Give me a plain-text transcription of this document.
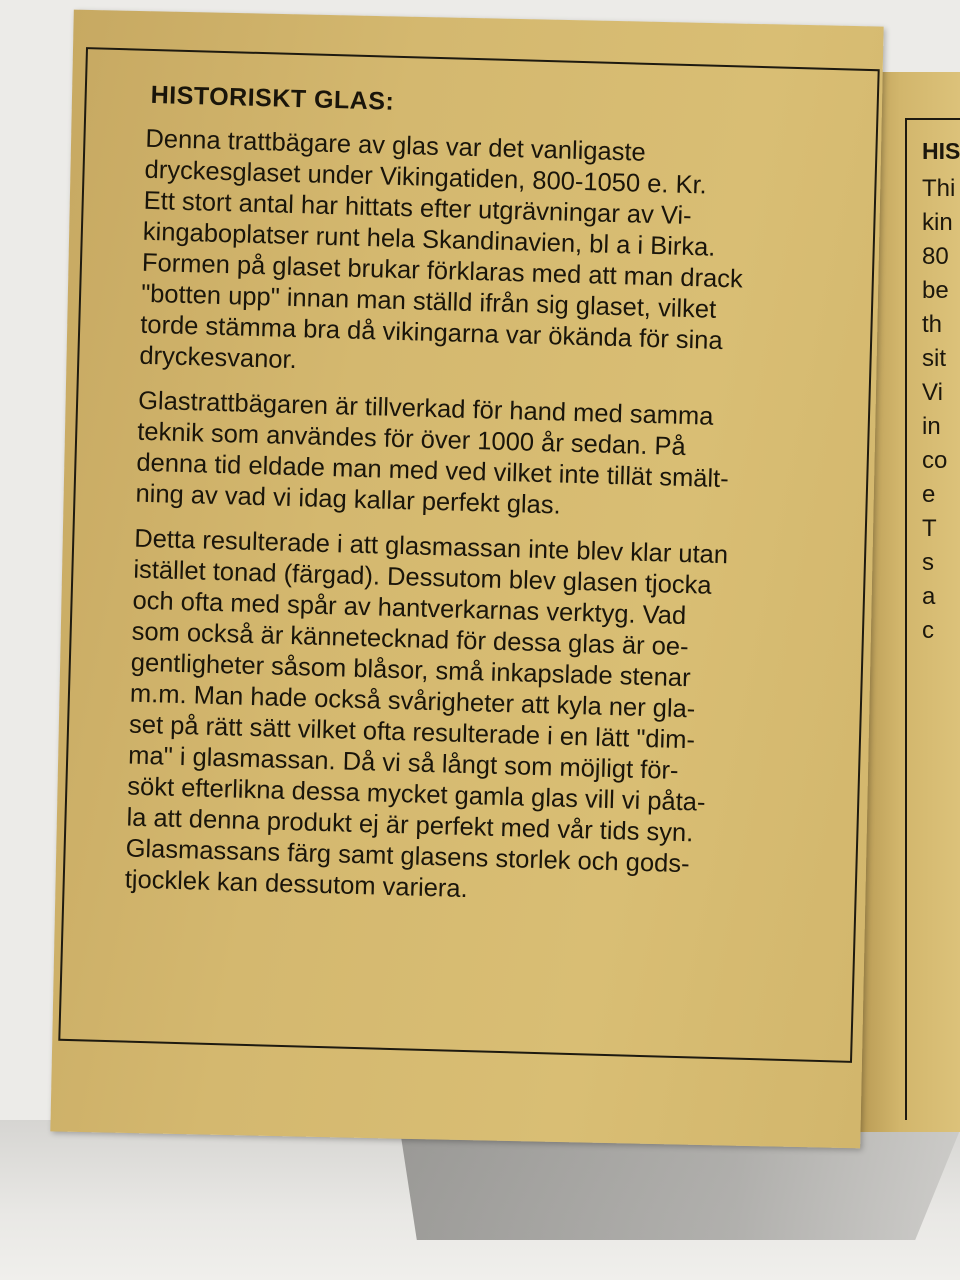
HIS
Thi
kin
80
be
th
sit
Vi
in
co
e
T
s
a
c
HISTORISKT GLAS:
Denna trattbägare av glas var det vanligaste
dryckesglaset under Vikingatiden, 800-1050 e. Kr.
Ett stort antal har hittats efter utgrävningar av Vi-
kingaboplatser runt hela Skandinavien, bl a i Birka.
Formen på glaset brukar förklaras med att man drack
"botten upp" innan man ställd ifrån sig glaset, vilket
torde stämma bra då vikingarna var ökända för sina
dryckesvanor.
Glastrattbägaren är tillverkad för hand med samma
teknik som användes för över 1000 år sedan. På
denna tid eldade man med ved vilket inte tillät smält-
ning av vad vi idag kallar perfekt glas.
Detta resulterade i att glasmassan inte blev klar utan
istället tonad (färgad). Dessutom blev glasen tjocka
och ofta med spår av hantverkarnas verktyg. Vad
som också är kännetecknad för dessa glas är oe-
gentligheter såsom blåsor, små inkapslade stenar
m.m. Man hade också svårigheter att kyla ner gla-
set på rätt sätt vilket ofta resulterade i en lätt "dim-
ma" i glasmassan. Då vi så långt som möjligt för-
sökt efterlikna dessa mycket gamla glas vill vi påta-
la att denna produkt ej är perfekt med vår tids syn.
Glasmassans färg samt glasens storlek och gods-
tjocklek kan dessutom variera.
